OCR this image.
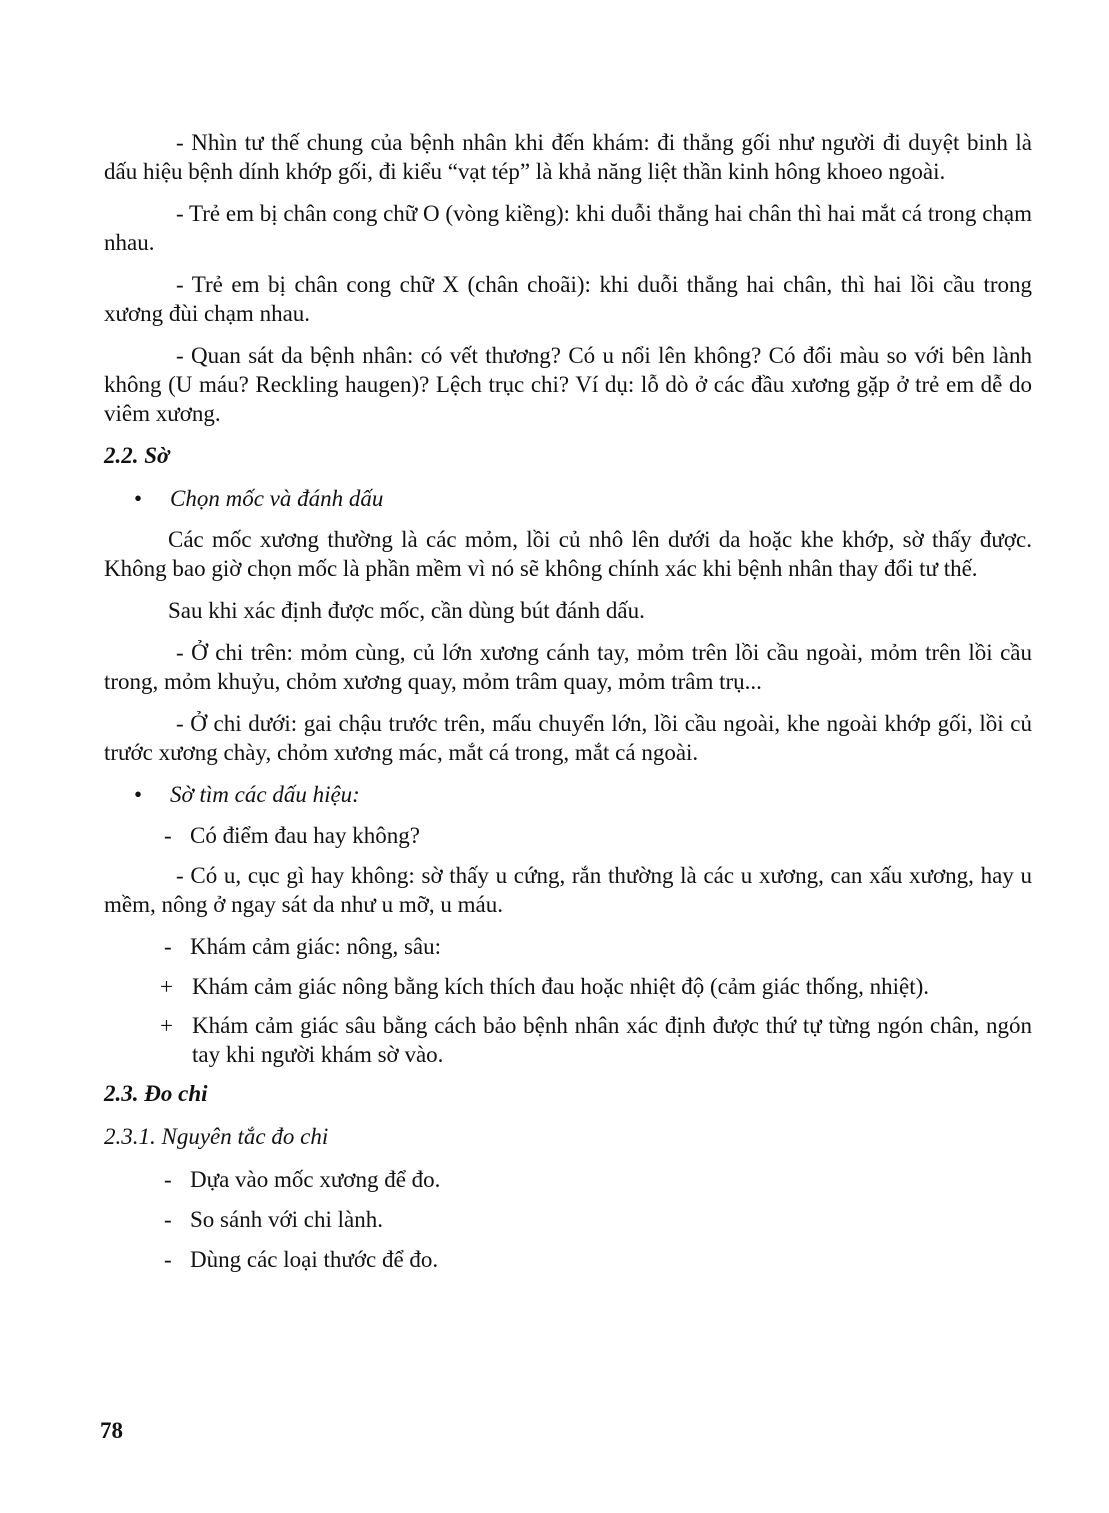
- Nhìn tư thế chung của bệnh nhân khi đến khám: đi thẳng gối như người đi duyệt binh là dấu hiệu bệnh dính khớp gối, đi kiểu “vạt tép” là khả năng liệt thần kinh hông khoeo ngoài.

- Trẻ em bị chân cong chữ O (vòng kiềng): khi duỗi thẳng hai chân thì hai mắt cá trong chạm nhau.

- Trẻ em bị chân cong chữ X (chân choãi): khi duỗi thẳng hai chân, thì hai lồi cầu trong xương đùi chạm nhau.

- Quan sát da bệnh nhân: có vết thương? Có u nổi lên không? Có đổi màu so với bên lành không (U máu? Reckling haugen)? Lệch trục chi? Ví dụ: lỗ dò ở các đầu xương gặp ở trẻ em dễ do viêm xương.

2.2. Sờ
• Chọn mốc và đánh dấu

Các mốc xương thường là các mỏm, lồi củ nhô lên dưới da hoặc khe khớp, sờ thấy được. Không bao giờ chọn mốc là phần mềm vì nó sẽ không chính xác khi bệnh nhân thay đổi tư thế.

Sau khi xác định được mốc, cần dùng bút đánh dấu.

- Ở chi trên: mỏm cùng, củ lớn xương cánh tay, mỏm trên lồi cầu ngoài, mỏm trên lồi cầu trong, mỏm khuỷu, chỏm xương quay, mỏm trâm quay, mỏm trâm trụ...

- Ở chi dưới: gai chậu trước trên, mấu chuyển lớn, lồi cầu ngoài, khe ngoài khớp gối, lồi củ trước xương chày, chỏm xương mác, mắt cá trong, mắt cá ngoài.

• Sờ tìm các dấu hiệu:
- Có điểm đau hay không?

- Có u, cục gì hay không: sờ thấy u cứng, rắn thường là các u xương, can xấu xương, hay u mềm, nông ở ngay sát da như u mỡ, u máu.

- Khám cảm giác: nông, sâu:
+ Khám cảm giác nông bằng kích thích đau hoặc nhiệt độ (cảm giác thống, nhiệt).
+ Khám cảm giác sâu bằng cách bảo bệnh nhân xác định được thứ tự từng ngón chân, ngón tay khi người khám sờ vào.
2.3. Đo chi
2.3.1. Nguyên tắc đo chi
- Dựa vào mốc xương để đo.
- So sánh với chi lành.
- Dùng các loại thước để đo.
78
